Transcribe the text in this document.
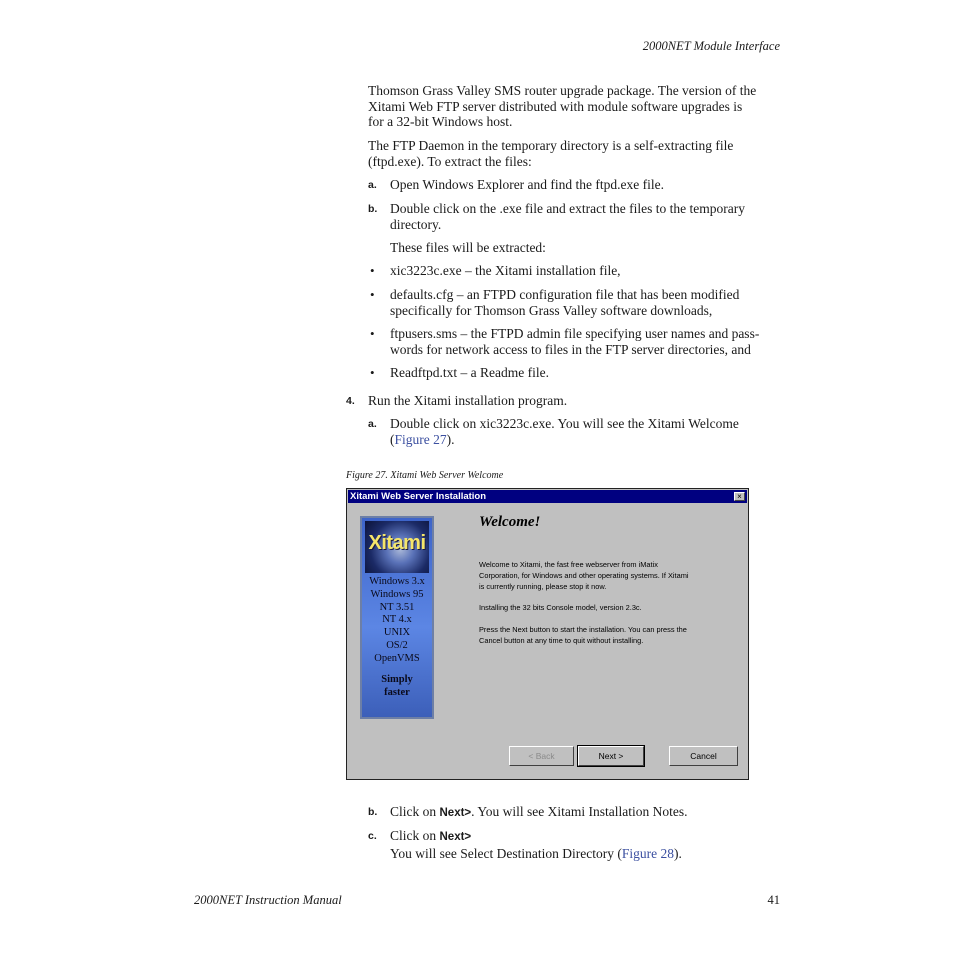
2000NET Module Interface
Thomson Grass Valley SMS router upgrade package. The version of the
Xitami Web FTP server distributed with module software upgrades is
for a 32-bit Windows host.
The FTP Daemon in the temporary directory is a self-extracting file
(ftpd.exe). To extract the files:
a. Open Windows Explorer and find the ftpd.exe file.
b. Double click on the .exe file and extract the files to the temporary
directory.
These files will be extracted:
• xic3223c.exe – the Xitami installation file,
• defaults.cfg – an FTPD configuration file that has been modified
specifically for Thomson Grass Valley software downloads,
• ftpusers.sms – the FTPD admin file specifying user names and pass-
words for network access to files in the FTP server directories, and
• Readftpd.txt – a Readme file.
4. Run the Xitami installation program.
a. Double click on xic3223c.exe. You will see the Xitami Welcome
(Figure 27).
Figure 27. Xitami Web Server Welcome
Xitami Web Server Installation	×
Xitami
Windows 3.x
Windows 95
NT 3.51
NT 4.x
UNIX
OS/2
OpenVMS
Simply
faster
Welcome!
Welcome to Xitami, the fast free webserver from iMatix
Corporation, for Windows and other operating systems. If Xitami
is currently running, please stop it now.
Installing the 32 bits Console model, version 2.3c.
Press the Next button to start the installation. You can press the
Cancel button at any time to quit without installing.
< Back	Next >	Cancel
b. Click on Next>. You will see Xitami Installation Notes.
c. Click on Next>
You will see Select Destination Directory (Figure 28).
2000NET Instruction Manual	41
